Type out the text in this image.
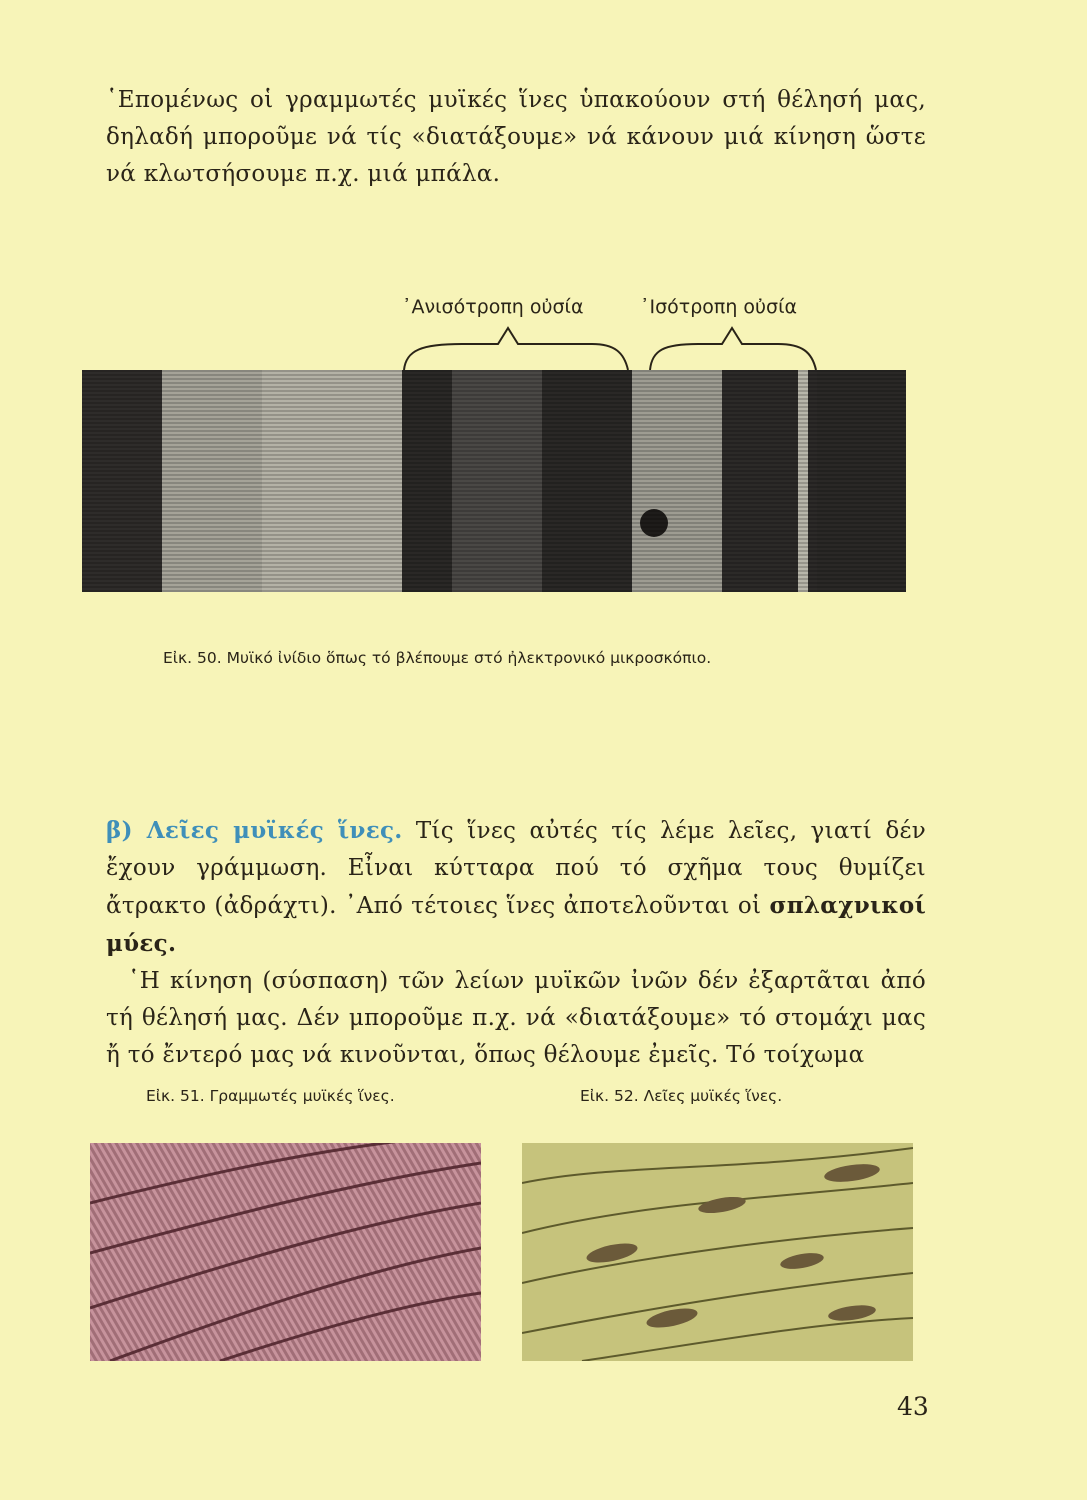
῾Επομένως οἱ γραμμωτές μυϊκές ἵνες ὑπακούουν στή θέλησή μας, δηλαδή μποροῦμε νά τίς «διατάξουμε» νά κάνουν μιά κίνηση ὥστε νά κλωτσήσουμε π.χ. μιά μπάλα.
᾿Ανισότροπη οὐσία	᾿Ισότροπη οὐσία
Εἰκ. 50. Μυϊκό ἰνίδιο ὅπως τό βλέπουμε στό ἠλεκτρονικό μικροσκόπιο.
β) Λεῖες μυϊκές ἵνες. Τίς ἵνες αὐτές τίς λέμε λεῖες, γιατί δέν ἔχουν γράμμωση. Εἶναι κύτταρα πού τό σχῆμα τους θυμίζει ἄτρακτο (ἀδράχτι). ᾿Από τέτοιες ἵνες ἀποτελοῦνται οἱ σπλαχνικοί μύες.
῾Η κίνηση (σύσπαση) τῶν λείων μυϊκῶν ἰνῶν δέν ἐξαρτᾶται ἀπό τή θέλησή μας. Δέν μποροῦμε π.χ. νά «διατάξουμε» τό στομάχι μας ἤ τό ἔντερό μας νά κινοῦνται, ὅπως θέλουμε ἐμεῖς. Τό τοίχωμα
Εἰκ. 51. Γραμμωτές μυϊκές ἵνες.	Εἰκ. 52. Λεῖες μυϊκές ἵνες.
43
